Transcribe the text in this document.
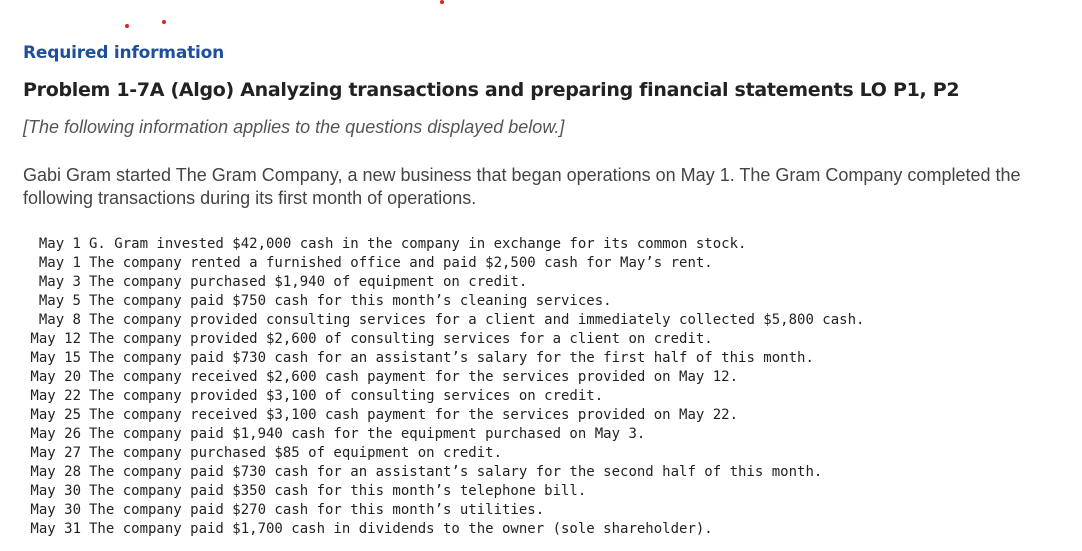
Required information
Problem 1-7A (Algo) Analyzing transactions and preparing financial statements LO P1, P2
[The following information applies to the questions displayed below.]
Gabi Gram started The Gram Company, a new business that began operations on May 1. The Gram Company completed the following transactions during its first month of operations.
May 1 G. Gram invested $42,000 cash in the company in exchange for its common stock.
May 1 The company rented a furnished office and paid $2,500 cash for May’s rent.
May 3 The company purchased $1,940 of equipment on credit.
May 5 The company paid $750 cash for this month’s cleaning services.
May 8 The company provided consulting services for a client and immediately collected $5,800 cash.
May 12 The company provided $2,600 of consulting services for a client on credit.
May 15 The company paid $730 cash for an assistant’s salary for the first half of this month.
May 20 The company received $2,600 cash payment for the services provided on May 12.
May 22 The company provided $3,100 of consulting services on credit.
May 25 The company received $3,100 cash payment for the services provided on May 22.
May 26 The company paid $1,940 cash for the equipment purchased on May 3.
May 27 The company purchased $85 of equipment on credit.
May 28 The company paid $730 cash for an assistant’s salary for the second half of this month.
May 30 The company paid $350 cash for this month’s telephone bill.
May 30 The company paid $270 cash for this month’s utilities.
May 31 The company paid $1,700 cash in dividends to the owner (sole shareholder).
